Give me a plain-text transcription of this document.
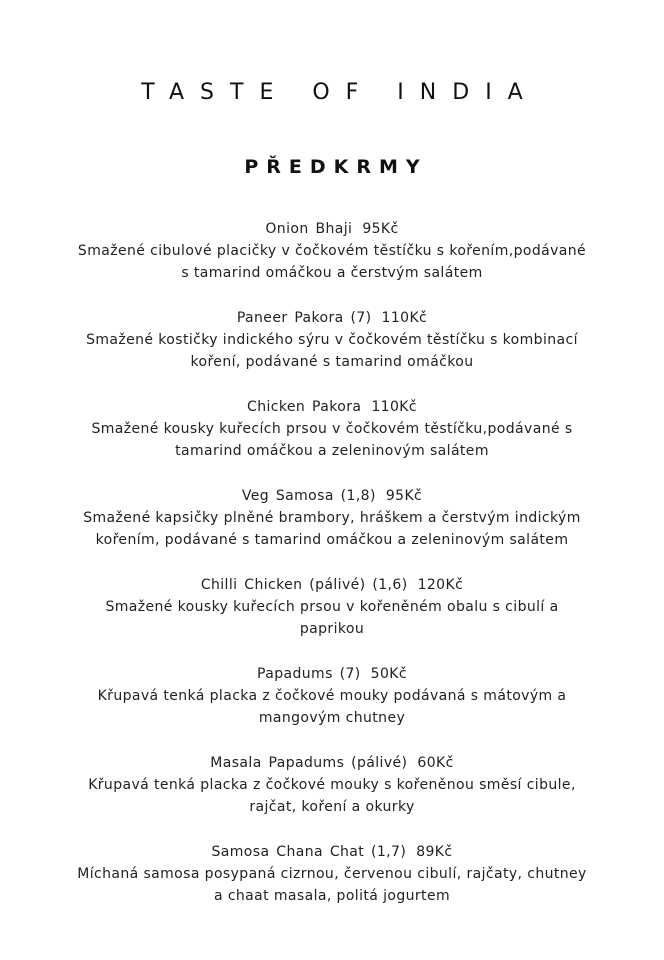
TASTE OF INDIA
PŘEDKRMY
Onion Bhaji 95Kč
Smažené cibulové placičky v čočkovém těstíčku s kořením,podávané
s tamarind omáčkou a čerstvým salátem
Paneer Pakora (7) 110Kč
Smažené kostičky indického sýru v čočkovém těstíčku s kombinací
koření, podávané s tamarind omáčkou
Chicken Pakora 110Kč
Smažené kousky kuřecích prsou v čočkovém těstíčku,podávané s
tamarind omáčkou a zeleninovým salátem
Veg Samosa (1,8) 95Kč
Smažené kapsičky plněné brambory, hráškem a čerstvým indickým
kořením, podávané s tamarind omáčkou a zeleninovým salátem
Chilli Chicken (pálivé) (1,6) 120Kč
Smažené kousky kuřecích prsou v kořeněném obalu s cibulí a
paprikou
Papadums (7) 50Kč
Křupavá tenká placka z čočkové mouky podávaná s mátovým a
mangovým chutney
Masala Papadums (pálivé) 60Kč
Křupavá tenká placka z čočkové mouky s kořeněnou směsí cibule,
rajčat, koření a okurky
Samosa Chana Chat (1,7) 89Kč
Míchaná samosa posypaná cizrnou, červenou cibulí, rajčaty, chutney
a chaat masala, politá jogurtem
